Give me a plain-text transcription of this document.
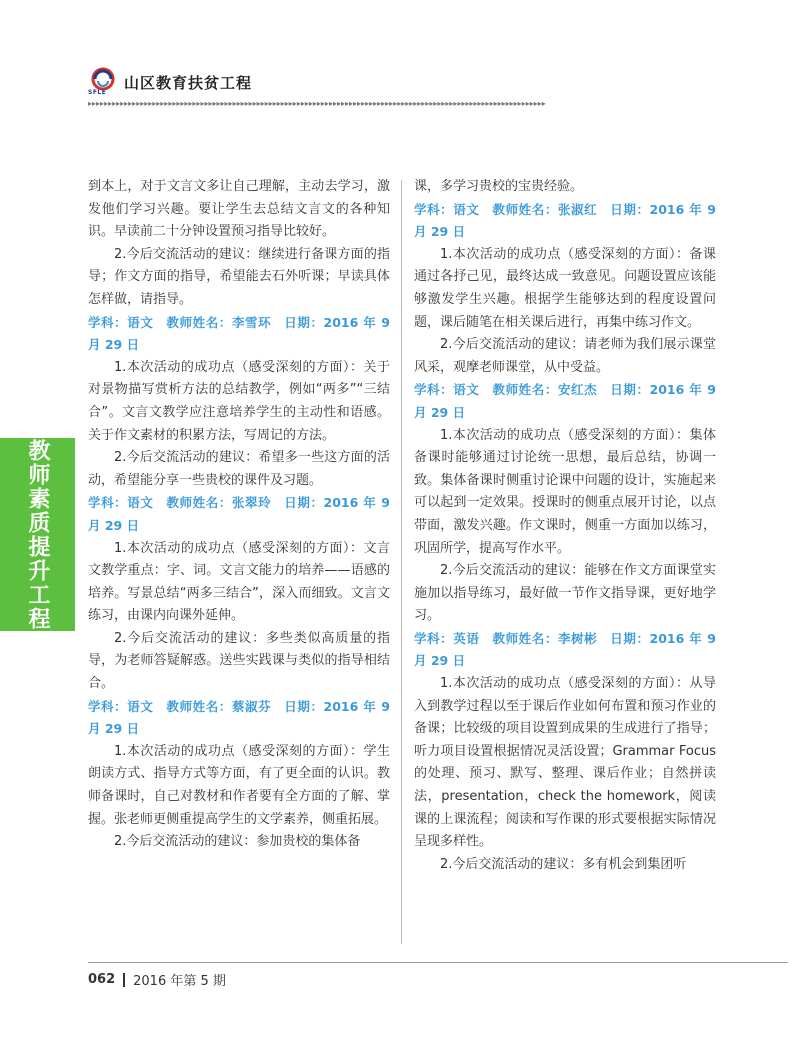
SFLE
山区教育扶贫工程
▸▸▸▸▸▸▸▸▸▸▸▸▸▸▸▸▸▸▸▸▸▸▸▸▸▸▸▸▸▸▸▸▸▸▸▸▸▸▸▸▸▸▸▸▸▸▸▸▸▸▸▸▸▸▸▸▸▸▸▸▸▸▸▸▸▸▸▸▸▸▸▸▸▸▸▸▸▸▸▸▸▸▸▸▸▸▸▸▸▸▸▸▸▸▸▸▸▸▸▸▸▸▸▸▸▸▸▸▸▸▸▸▸▸
教师素质提升工程

到本上，对于文言文多让自己理解，主动去学习，激发他们学习兴趣。要让学生去总结文言文的各种知识。早读前二十分钟设置预习指导比较好。

2.今后交流活动的建议：继续进行备课方面的指导；作文方面的指导，希望能去石外听课；早读具体怎样做，请指导。

学科：语文　教师姓名：李雪环　日期：2016 年 9 月 29 日

1.本次活动的成功点（感受深刻的方面）：关于对景物描写赏析方法的总结教学，例如“两多”“三结合”。文言文教学应注意培养学生的主动性和语感。关于作文素材的积累方法，写周记的方法。

2.今后交流活动的建议：希望多一些这方面的活动，希望能分享一些贵校的课件及习题。

学科：语文　教师姓名：张翠玲　日期：2016 年 9 月 29 日

1.本次活动的成功点（感受深刻的方面）：文言文教学重点：字、词。文言文能力的培养——语感的培养。写景总结“两多三结合”，深入而细致。文言文练习，由课内向课外延伸。

2.今后交流活动的建议：多些类似高质量的指导，为老师答疑解惑。送些实践课与类似的指导相结合。

学科：语文　教师姓名：蔡淑芬　日期：2016 年 9 月 29 日

1.本次活动的成功点（感受深刻的方面）：学生朗读方式、指导方式等方面，有了更全面的认识。教师备课时，自己对教材和作者要有全方面的了解、掌握。张老师更侧重提高学生的文学素养，侧重拓展。

2.今后交流活动的建议：参加贵校的集体备

课，多学习贵校的宝贵经验。

学科：语文　教师姓名：张淑红　日期：2016 年 9 月 29 日

1.本次活动的成功点（感受深刻的方面）：备课通过各抒己见，最终达成一致意见。问题设置应该能够激发学生兴趣。根据学生能够达到的程度设置问题，课后随笔在相关课后进行，再集中练习作文。

2.今后交流活动的建议：请老师为我们展示课堂风采，观摩老师课堂，从中受益。

学科：语文　教师姓名：安红杰　日期：2016 年 9 月 29 日

1.本次活动的成功点（感受深刻的方面）：集体备课时能够通过讨论统一思想，最后总结，协调一致。集体备课时侧重讨论课中问题的设计，实施起来可以起到一定效果。授课时的侧重点展开讨论，以点带面，激发兴趣。作文课时，侧重一方面加以练习，巩固所学，提高写作水平。

2.今后交流活动的建议：能够在作文方面课堂实施加以指导练习，最好做一节作文指导课，更好地学习。

学科：英语　教师姓名：李树彬　日期：2016 年 9 月 29 日

1.本次活动的成功点（感受深刻的方面）：从导入到教学过程以至于课后作业如何布置和预习作业的备课；比较级的项目设置到成果的生成进行了指导；听力项目设置根据情况灵活设置；Grammar Focus 的处理、预习、默写、整理、课后作业；自然拼读法，presentation，check the homework，阅读课的上课流程；阅读和写作课的形式要根据实际情况呈现多样性。

2.今后交流活动的建议：多有机会到集团听

062 2016 年第 5 期
